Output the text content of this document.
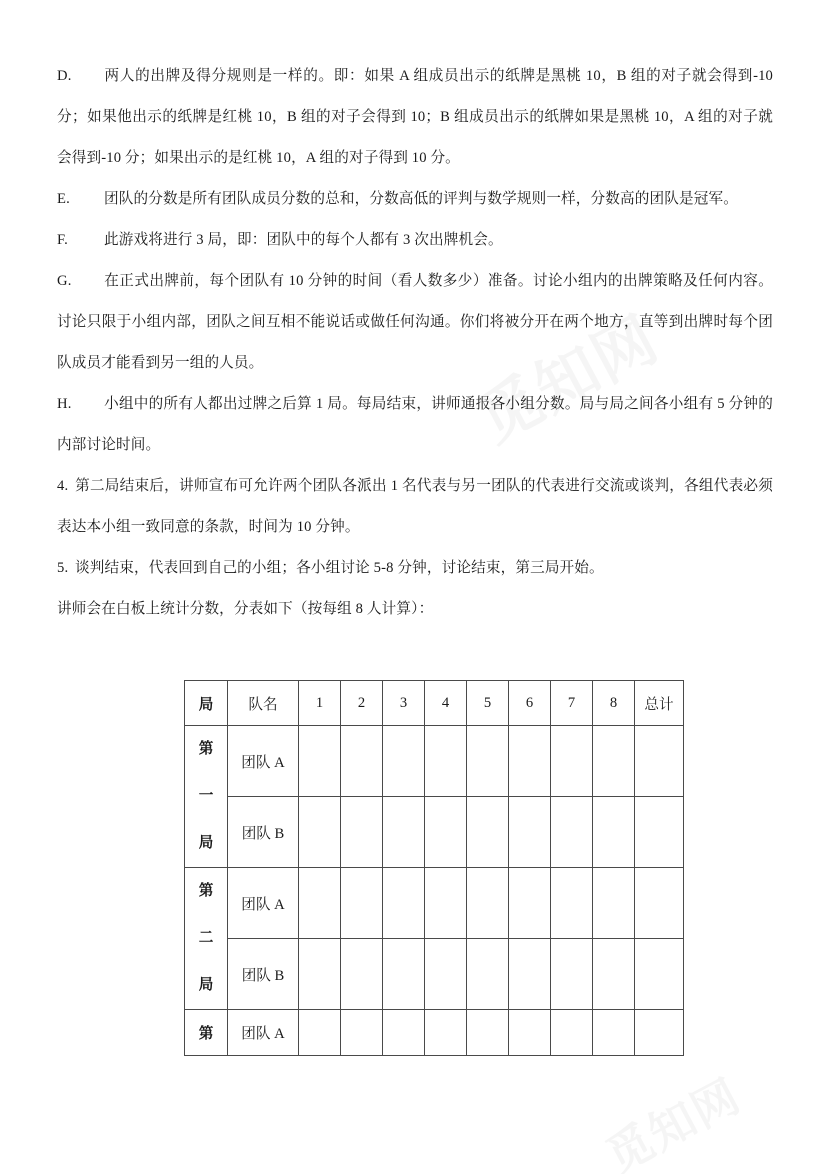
D. 两人的出牌及得分规则是一样的。即：如果 A 组成员出示的纸牌是黑桃 10，B 组的对子就会得到-10 分；如果他出示的纸牌是红桃 10，B 组的对子会得到 10；B 组成员出示的纸牌如果是黑桃 10，A 组的对子就会得到-10 分；如果出示的是红桃 10，A 组的对子得到 10 分。

E. 团队的分数是所有团队成员分数的总和，分数高低的评判与数学规则一样，分数高的团队是冠军。

F. 此游戏将进行 3 局，即：团队中的每个人都有 3 次出牌机会。

G. 在正式出牌前，每个团队有 10 分钟的时间（看人数多少）准备。讨论小组内的出牌策略及任何内容。讨论只限于小组内部，团队之间互相不能说话或做任何沟通。你们将被分开在两个地方，直等到出牌时每个团队成员才能看到另一组的人员。

H. 小组中的所有人都出过牌之后算 1 局。每局结束，讲师通报各小组分数。局与局之间各小组有 5 分钟的内部讨论时间。

4. 第二局结束后，讲师宣布可允许两个团队各派出 1 名代表与另一团队的代表进行交流或谈判，各组代表必须表达本小组一致同意的条款，时间为 10 分钟。

5. 谈判结束，代表回到自己的小组；各小组讨论 5-8 分钟，讨论结束，第三局开始。

讲师会在白板上统计分数，分表如下（按每组 8 人计算）：

局	队名	1	2	3	4	5	6	7	8	总计

第
一
局	团队 A									
	团队 B									

第
二
局	团队 A									
	团队 B									
第	团队 A									
